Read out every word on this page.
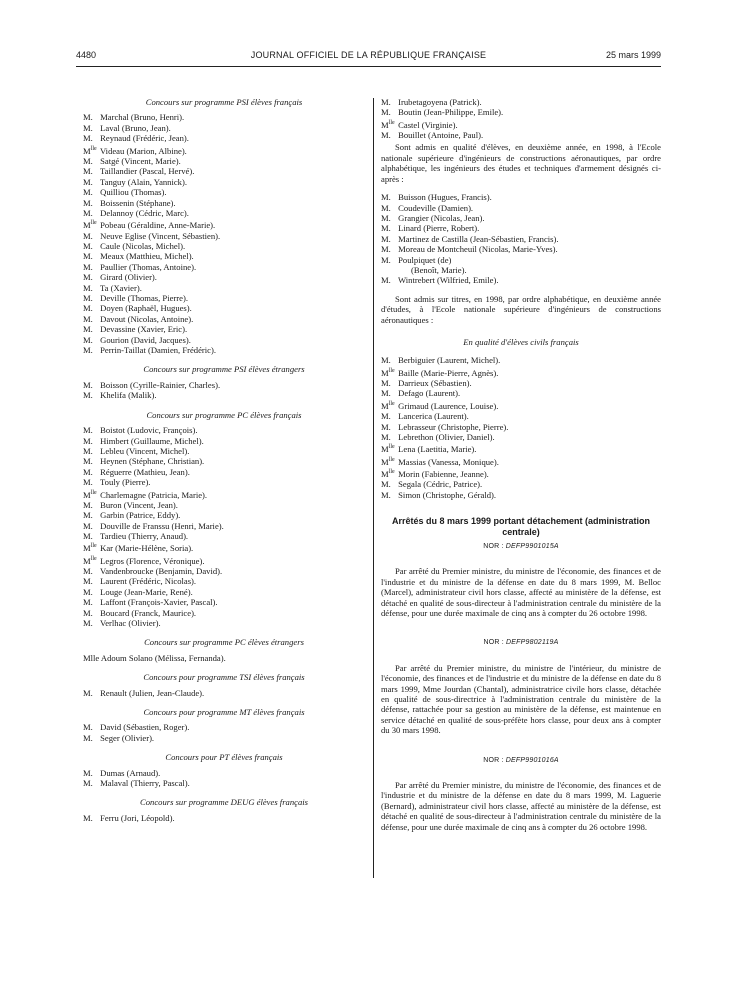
4480	JOURNAL OFFICIEL DE LA RÉPUBLIQUE FRANÇAISE	25 mars 1999
Concours sur programme PSI élèves français
M. Marchal (Bruno, Henri).
M. Laval (Bruno, Jean).
M. Reynaud (Frédéric, Jean).
$M^{lle}$ Videau (Marion, Albine).
M. Satgé (Vincent, Marie).
M. Taillandier (Pascal, Hervé).
M. Tanguy (Alain, Yannick).
M. Quilliou (Thomas).
M. Boissenin (Stéphane).
M. Delannoy (Cédric, Marc).
$M^{lle}$ Pobeau (Géraldine, Anne-Marie).
M. Neuve Eglise (Vincent, Sébastien).
M. Caule (Nicolas, Michel).
M. Meaux (Matthieu, Michel).
M. Paullier (Thomas, Antoine).
M. Girard (Olivier).
M. Ta (Xavier).
M. Deville (Thomas, Pierre).
M. Doyen (Raphaël, Hugues).
M. Davout (Nicolas, Antoine).
M. Devassine (Xavier, Eric).
M. Gourion (David, Jacques).
M. Perrin-Taillat (Damien, Frédéric).
Concours sur programme PSI élèves étrangers
M. Boisson (Cyrille-Rainier, Charles).
M. Khelifa (Malik).
Concours sur programme PC élèves français
M. Boistot (Ludovic, François).
M. Himbert (Guillaume, Michel).
M. Lebleu (Vincent, Michel).
M. Heynen (Stéphane, Christian).
M. Réguerre (Mathieu, Jean).
M. Touly (Pierre).
$M^{lle}$ Charlemagne (Patricia, Marie).
M. Buron (Vincent, Jean).
M. Garbin (Patrice, Eddy).
M. Douville de Franssu (Henri, Marie).
M. Tardieu (Thierry, Anaud).
$M^{lle}$ Kar (Marie-Hélène, Soria).
$M^{lle}$ Legros (Florence, Véronique).
M. Vandenbroucke (Benjamin, David).
M. Laurent (Frédéric, Nicolas).
M. Louge (Jean-Marie, René).
M. Laffont (François-Xavier, Pascal).
M. Boucard (Franck, Maurice).
M. Verlhac (Olivier).
Concours sur programme PC élèves étrangers
Mlle Adoum Solano (Mélissa, Fernanda).
Concours pour programme TSI élèves français
M. Renault (Julien, Jean-Claude).
Concours pour programme MT élèves français
M. David (Sébastien, Roger).
M. Seger (Olivier).
Concours pour PT élèves français
M. Dumas (Arnaud).
M. Malaval (Thierry, Pascal).
Concours sur programme DEUG élèves français
M. Ferru (Jori, Léopold).
M. Irubetagoyena (Patrick).
M. Boutin (Jean-Philippe, Emile).
$M^{lle}$ Castel (Virginie).
M. Bouillet (Antoine, Paul).

Sont admis en qualité d'élèves, en deuxième année, en 1998, à l'Ecole nationale supérieure d'ingénieurs de constructions aéronautiques, par ordre alphabétique, les ingénieurs des études et techniques d'armement désignés ci-après :

M. Buisson (Hugues, Francis).
M. Coudeville (Damien).
M. Grangier (Nicolas, Jean).
M. Linard (Pierre, Robert).
M. Martinez de Castilla (Jean-Sébastien, Francis).
M. Moreau de Montcheuil (Nicolas, Marie-Yves).
M. Poulpiquet (de)
(Benoît, Marie).
M. Wintrebert (Wilfried, Emile).

Sont admis sur titres, en 1998, par ordre alphabétique, en deuxième année d'études, à l'Ecole nationale supérieure d'ingénieurs de constructions aéronautiques :

En qualité d'élèves civils français
M. Berbiguier (Laurent, Michel).
$M^{lle}$ Baille (Marie-Pierre, Agnès).
M. Darrieux (Sébastien).
M. Defago (Laurent).
$M^{lle}$ Grimaud (Laurence, Louise).
M. Lancerica (Laurent).
M. Lebrasseur (Christophe, Pierre).
M. Lebrethon (Olivier, Daniel).
$M^{lle}$ Lena (Laetitia, Marie).
$M^{lle}$ Massias (Vanessa, Monique).
$M^{lle}$ Morin (Fabienne, Jeanne).
M. Segala (Cédric, Patrice).
M. Simon (Christophe, Gérald).
Arrêtés du 8 mars 1999 portant détachement (administration centrale)
NOR : DEFP9901015A

Par arrêté du Premier ministre, du ministre de l'économie, des finances et de l'industrie et du ministre de la défense en date du 8 mars 1999, M. Belloc (Marcel), administrateur civil hors classe, affecté au ministère de la défense, est détaché en qualité de sous-directeur à l'administration centrale du ministère de la défense, pour une durée maximale de cinq ans à compter du 26 octobre 1998.

NOR : DEFP9802119A

Par arrêté du Premier ministre, du ministre de l'intérieur, du ministre de l'économie, des finances et de l'industrie et du ministre de la défense en date du 8 mars 1999, Mme Jourdan (Chantal), administratrice civile hors classe, détachée en qualité de sous-directrice à l'administration centrale du ministère de la défense, rattachée pour sa gestion au ministère de la défense, est maintenue en service détaché en qualité de sous-préfète hors classe, pour deux ans à compter du 30 mars 1998.

NOR : DEFP9901016A

Par arrêté du Premier ministre, du ministre de l'économie, des finances et de l'industrie et du ministre de la défense en date du 8 mars 1999, M. Laguerie (Bernard), administrateur civil hors classe, affecté au ministère de la défense, est détaché en qualité de sous-directeur à l'administration centrale du ministère de la défense, pour une durée maximale de cinq ans à compter du 26 octobre 1998.
